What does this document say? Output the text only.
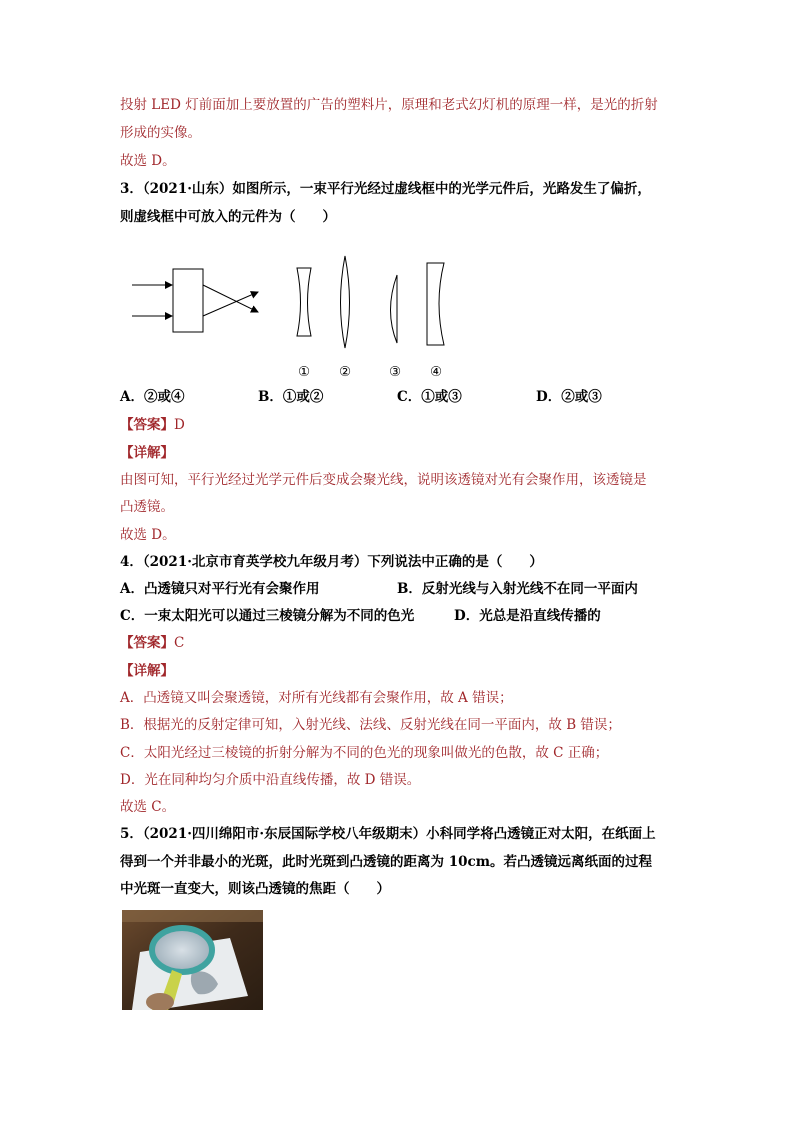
投射 LED 灯前面加上要放置的广告的塑料片，原理和老式幻灯机的原理一样，是光的折射
形成的实像。
故选 D。
3．（2021·山东）如图所示，一束平行光经过虚线框中的光学元件后，光路发生了偏折，
则虚线框中可放入的元件为（　　）
① ②	③ ④
A．②或④	B．①或②	C．①或③	D．②或③
【答案】D
【详解】
由图可知，平行光经过光学元件后变成会聚光线，说明该透镜对光有会聚作用，该透镜是
凸透镜。
故选 D。
4．（2021·北京市育英学校九年级月考）下列说法中正确的是（　　）
A．凸透镜只对平行光有会聚作用	B．反射光线与入射光线不在同一平面内
C．一束太阳光可以通过三棱镜分解为不同的色光	D．光总是沿直线传播的
【答案】C
【详解】
A．凸透镜又叫会聚透镜，对所有光线都有会聚作用，故 A 错误；
B．根据光的反射定律可知，入射光线、法线、反射光线在同一平面内，故 B 错误；
C．太阳光经过三棱镜的折射分解为不同的色光的现象叫做光的色散，故 C 正确；
D．光在同种均匀介质中沿直线传播，故 D 错误。
故选 C。
5．（2021·四川绵阳市·东辰国际学校八年级期末）小科同学将凸透镜正对太阳，在纸面上
得到一个并非最小的光斑，此时光斑到凸透镜的距离为 10cm。若凸透镜远离纸面的过程
中光斑一直变大，则该凸透镜的焦距（　　）
